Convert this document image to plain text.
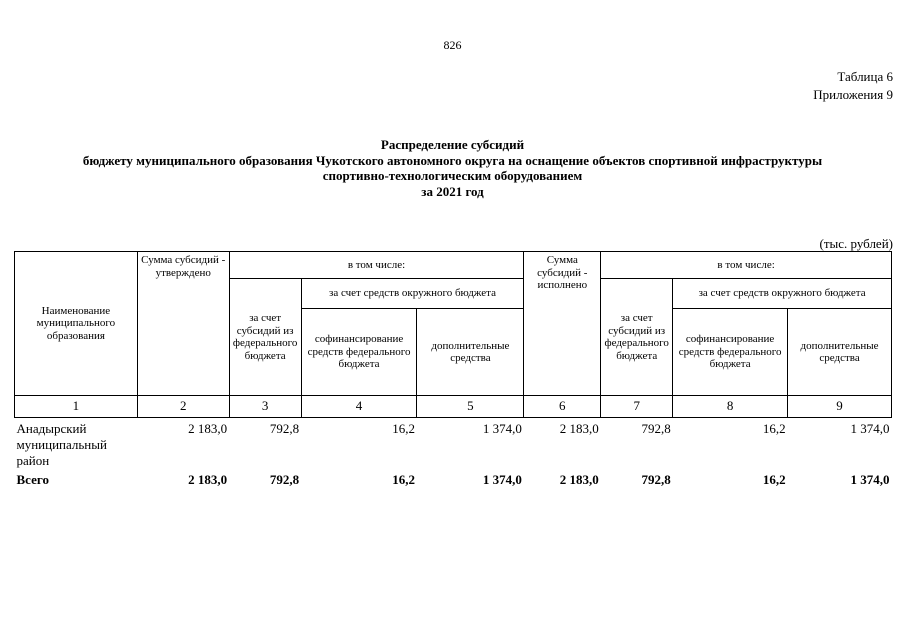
826
Таблица 6
Приложения 9
Распределение субсидий
бюджету муниципального образования Чукотского автономного округа на оснащение объектов спортивной инфраструктуры
спортивно-технологическим оборудованием
за 2021 год
(тыс. рублей)
Наименование муниципального образования	Сумма субсидий - утверждено	в том числе:			Сумма субсидий - исполнено	в том числе:		
		за счет субсидий из федерального бюджета	за счет средств окружного бюджета			за счет субсидий из федерального бюджета	за счет средств окружного бюджета	
			софинансирование средств федерального бюджета	дополнительные средства			софинансирование средств федерального бюджета	дополнительные средства
1	2	3	4	5	6	7	8	9
Анадырский муниципальный район	2 183,0	792,8	16,2	1 374,0	2 183,0	792,8	16,2	1 374,0
Всего	2 183,0	792,8	16,2	1 374,0	2 183,0	792,8	16,2	1 374,0
